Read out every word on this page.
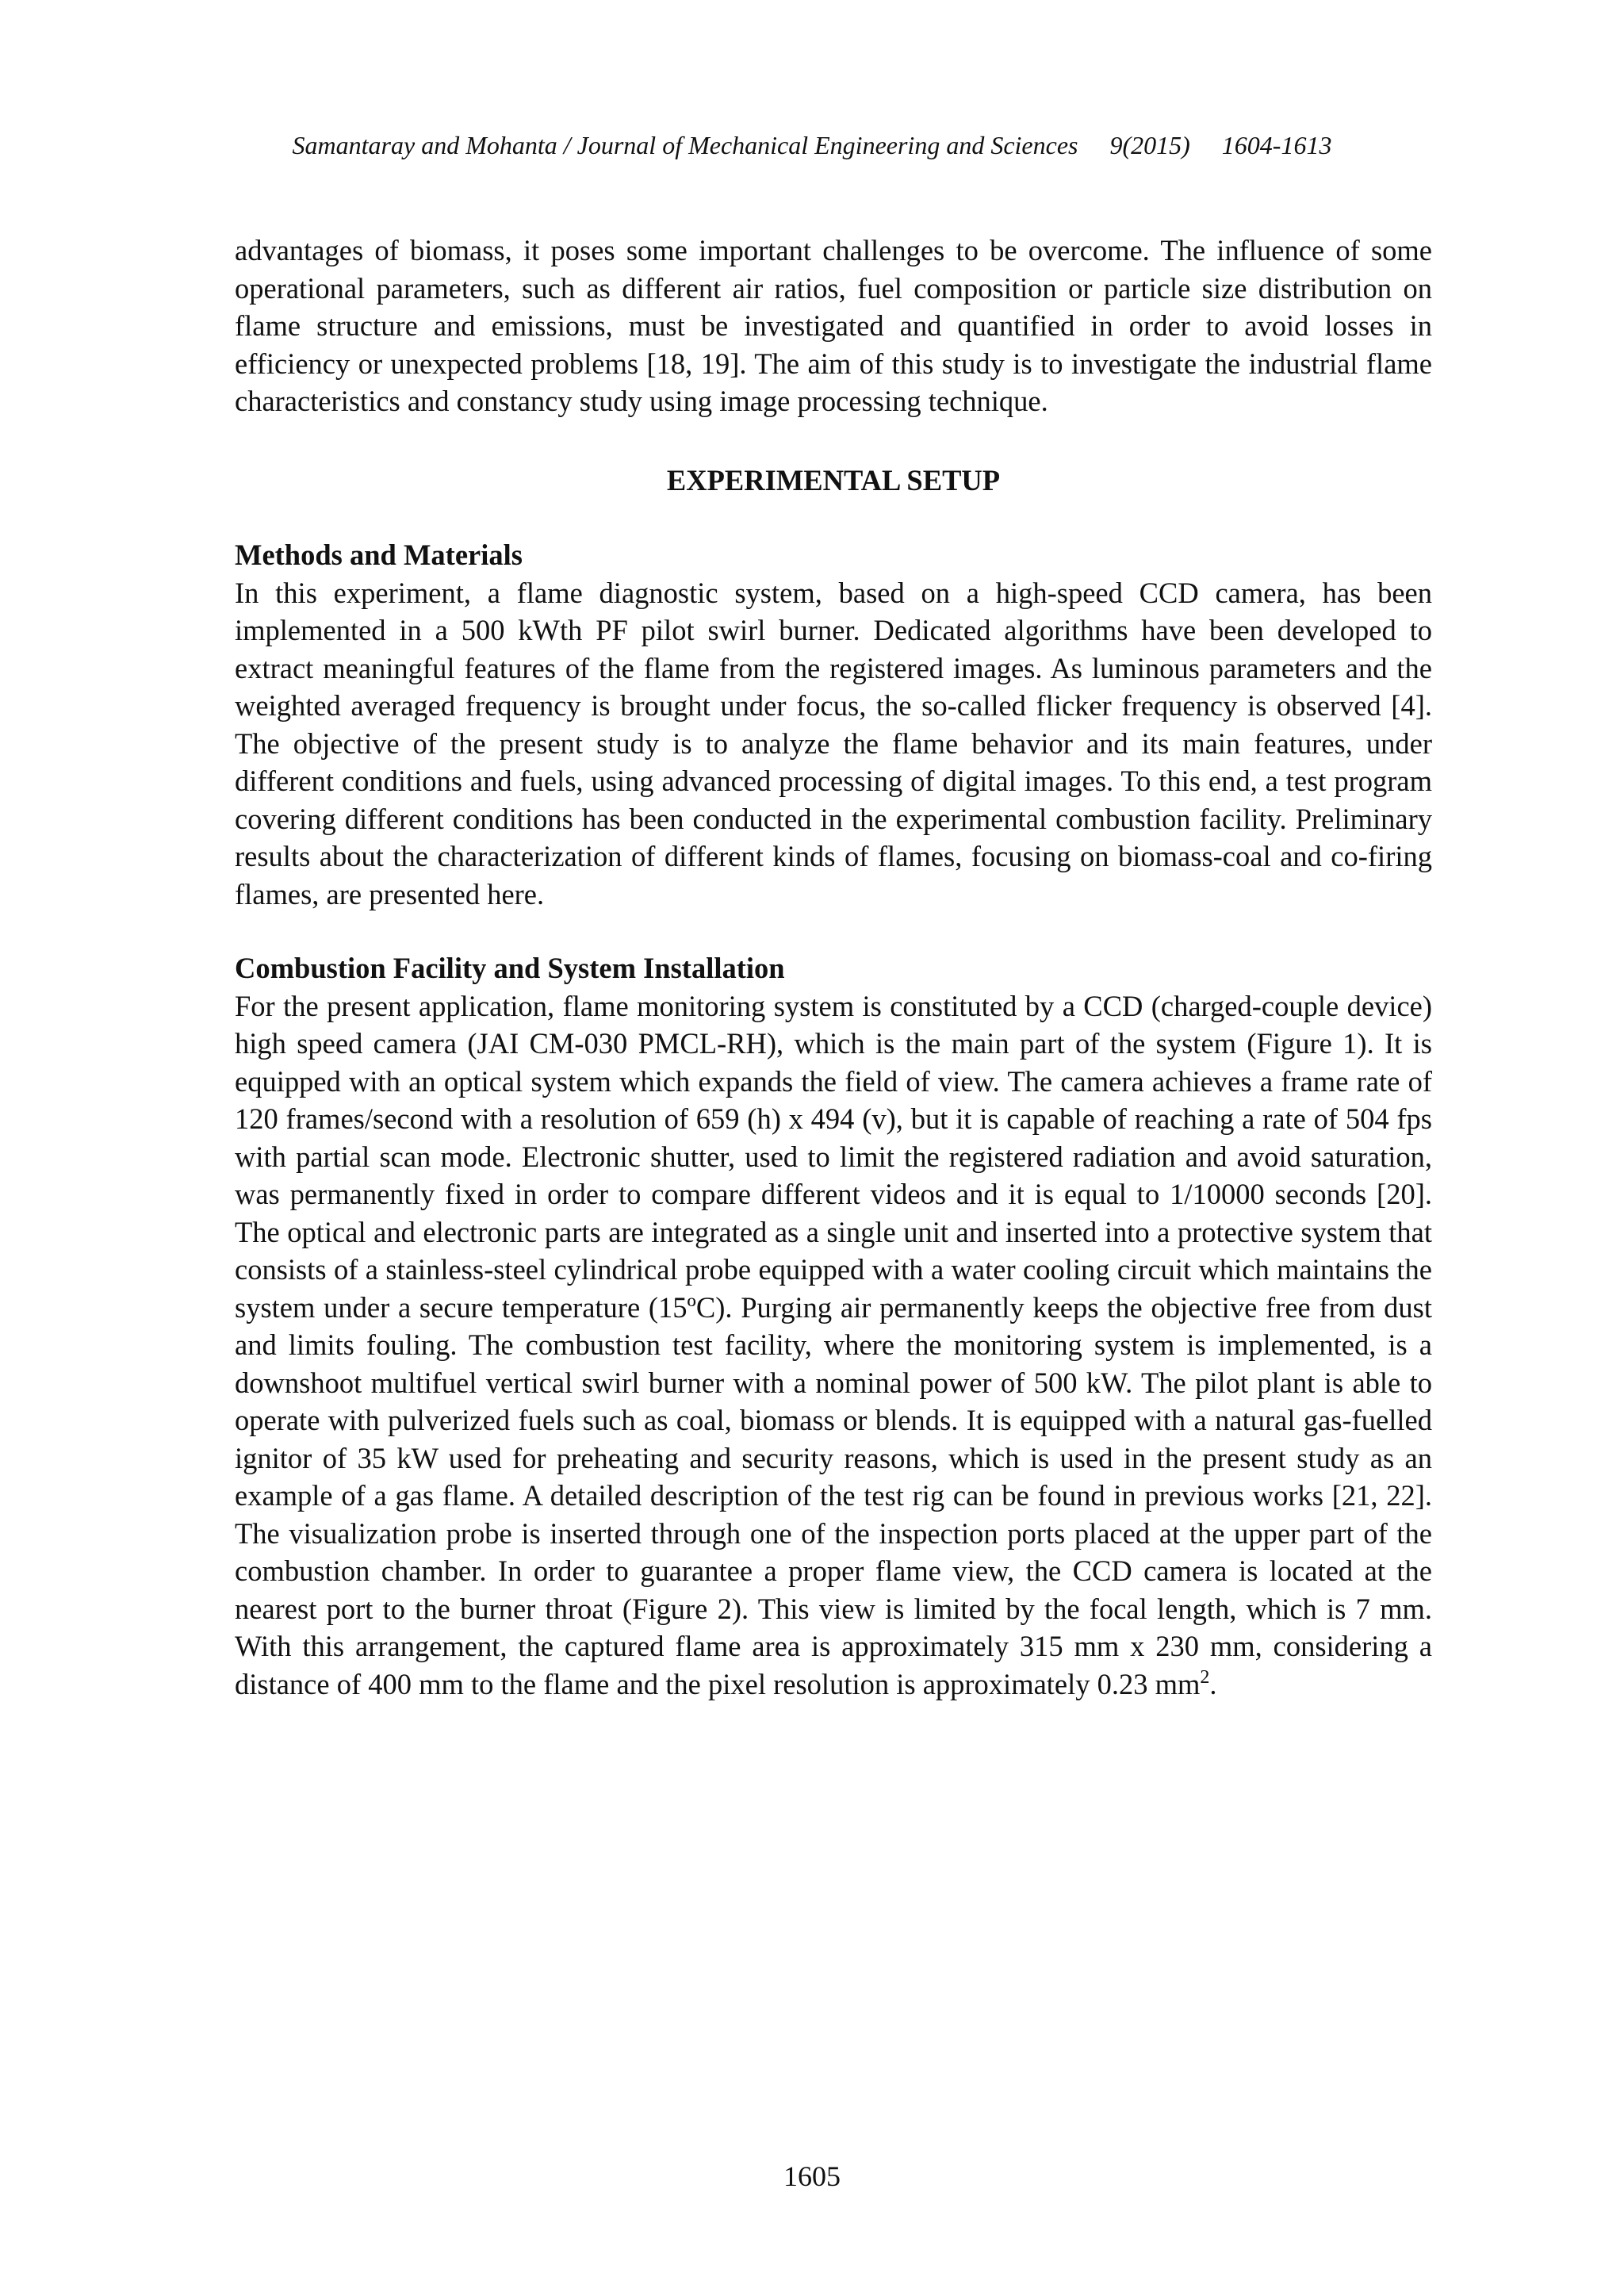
Samantaray and Mohanta / Journal of Mechanical Engineering and Sciences     9(2015)     1604-1613

advantages of biomass, it poses some important challenges to be overcome. The influence of some operational parameters, such as different air ratios, fuel composition or particle size distribution on flame structure and emissions, must be investigated and quantified in order to avoid losses in efficiency or unexpected problems [18, 19]. The aim of this study is to investigate the industrial flame characteristics and constancy study using image processing technique.

EXPERIMENTAL SETUP
Methods and Materials

In this experiment, a flame diagnostic system, based on a high-speed CCD camera, has been implemented in a 500 kWth PF pilot swirl burner. Dedicated algorithms have been developed to extract meaningful features of the flame from the registered images. As luminous parameters and the weighted averaged frequency is brought under focus, the so-called flicker frequency is observed [4]. The objective of the present study is to analyze the flame behavior and its main features, under different conditions and fuels, using advanced processing of digital images. To this end, a test program covering different conditions has been conducted in the experimental combustion facility. Preliminary results about the characterization of different kinds of flames, focusing on biomass-coal and co-firing flames, are presented here.

Combustion Facility and System Installation

For the present application, flame monitoring system is constituted by a CCD (charged-couple device) high speed camera (JAI CM-030 PMCL-RH), which is the main part of the system (Figure 1). It is equipped with an optical system which expands the field of view. The camera achieves a frame rate of 120 frames/second with a resolution of 659 (h) x 494 (v), but it is capable of reaching a rate of 504 fps with partial scan mode. Electronic shutter, used to limit the registered radiation and avoid saturation, was permanently fixed in order to compare different videos and it is equal to 1/10000 seconds [20]. The optical and electronic parts are integrated as a single unit and inserted into a protective system that consists of a stainless-steel cylindrical probe equipped with a water cooling circuit which maintains the system under a secure temperature (15ºC). Purging air permanently keeps the objective free from dust and limits fouling. The combustion test facility, where the monitoring system is implemented, is a downshoot multifuel vertical swirl burner with a nominal power of 500 kW. The pilot plant is able to operate with pulverized fuels such as coal, biomass or blends. It is equipped with a natural gas-fuelled ignitor of 35 kW used for preheating and security reasons, which is used in the present study as an example of a gas flame. A detailed description of the test rig can be found in previous works [21, 22]. The visualization probe is inserted through one of the inspection ports placed at the upper part of the combustion chamber. In order to guarantee a proper flame view, the CCD camera is located at the nearest port to the burner throat (Figure 2). This view is limited by the focal length, which is 7 mm. With this arrangement, the captured flame area is approximately 315 mm x 230 mm, considering a distance of 400 mm to the flame and the pixel resolution is approximately 0.23 $mm^2$.

1605
